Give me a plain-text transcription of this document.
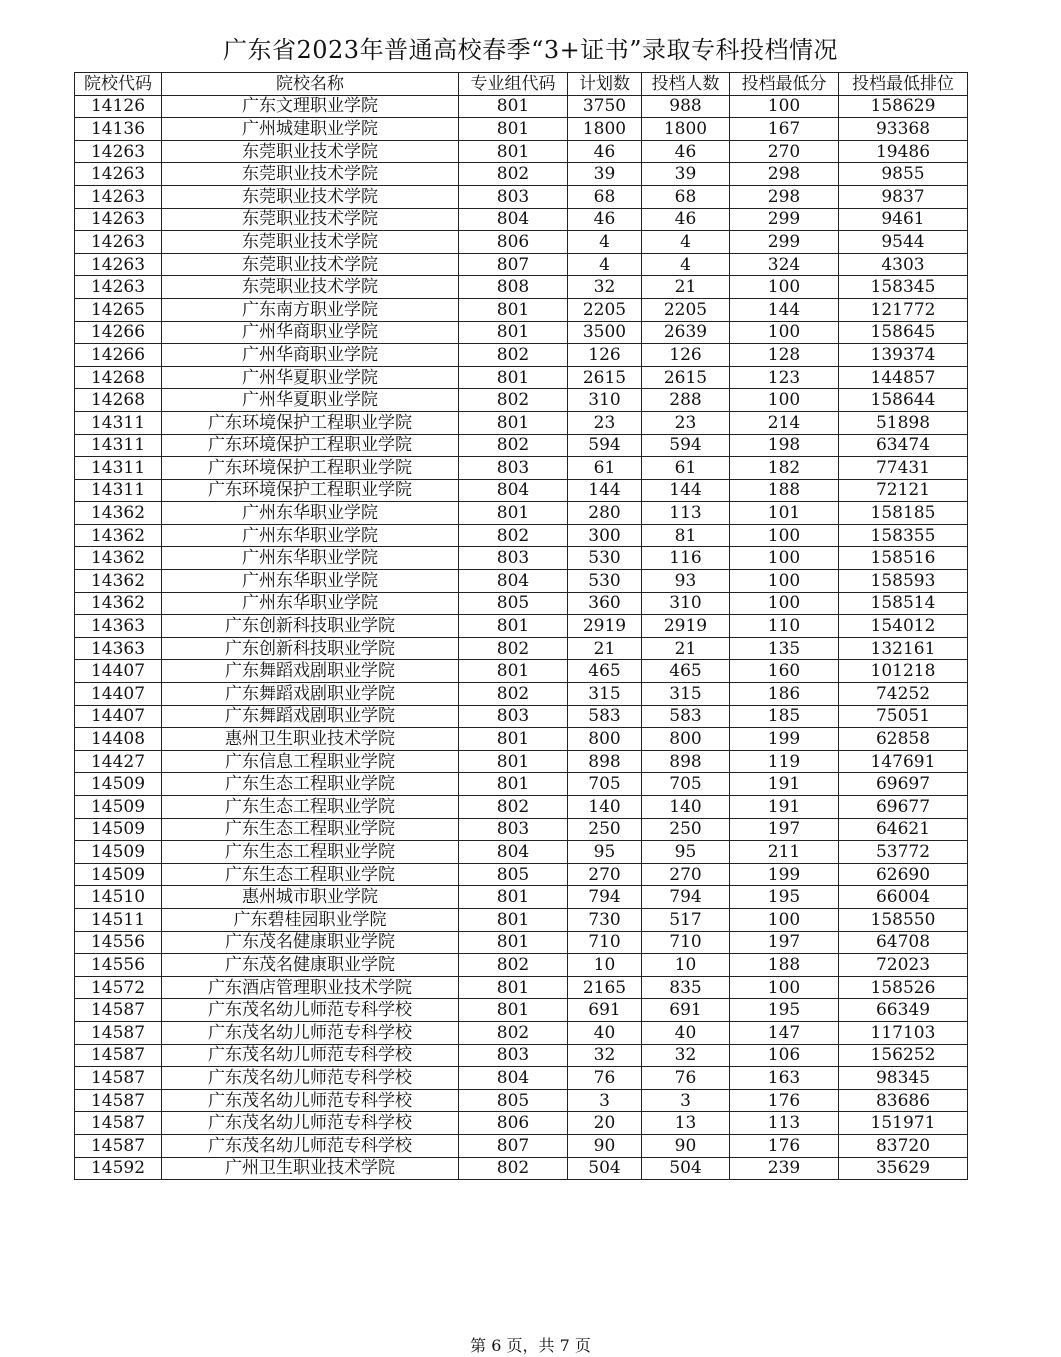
广东省2023年普通高校春季“3+证书”录取专科投档情况
院校代码	院校名称	专业组代码	计划数	投档人数	投档最低分	投档最低排位
14126	广东文理职业学院	801	3750	988	100	158629
14136	广州城建职业学院	801	1800	1800	167	93368
14263	东莞职业技术学院	801	46	46	270	19486
14263	东莞职业技术学院	802	39	39	298	9855
14263	东莞职业技术学院	803	68	68	298	9837
14263	东莞职业技术学院	804	46	46	299	9461
14263	东莞职业技术学院	806	4	4	299	9544
14263	东莞职业技术学院	807	4	4	324	4303
14263	东莞职业技术学院	808	32	21	100	158345
14265	广东南方职业学院	801	2205	2205	144	121772
14266	广州华商职业学院	801	3500	2639	100	158645
14266	广州华商职业学院	802	126	126	128	139374
14268	广州华夏职业学院	801	2615	2615	123	144857
14268	广州华夏职业学院	802	310	288	100	158644
14311	广东环境保护工程职业学院	801	23	23	214	51898
14311	广东环境保护工程职业学院	802	594	594	198	63474
14311	广东环境保护工程职业学院	803	61	61	182	77431
14311	广东环境保护工程职业学院	804	144	144	188	72121
14362	广州东华职业学院	801	280	113	101	158185
14362	广州东华职业学院	802	300	81	100	158355
14362	广州东华职业学院	803	530	116	100	158516
14362	广州东华职业学院	804	530	93	100	158593
14362	广州东华职业学院	805	360	310	100	158514
14363	广东创新科技职业学院	801	2919	2919	110	154012
14363	广东创新科技职业学院	802	21	21	135	132161
14407	广东舞蹈戏剧职业学院	801	465	465	160	101218
14407	广东舞蹈戏剧职业学院	802	315	315	186	74252
14407	广东舞蹈戏剧职业学院	803	583	583	185	75051
14408	惠州卫生职业技术学院	801	800	800	199	62858
14427	广东信息工程职业学院	801	898	898	119	147691
14509	广东生态工程职业学院	801	705	705	191	69697
14509	广东生态工程职业学院	802	140	140	191	69677
14509	广东生态工程职业学院	803	250	250	197	64621
14509	广东生态工程职业学院	804	95	95	211	53772
14509	广东生态工程职业学院	805	270	270	199	62690
14510	惠州城市职业学院	801	794	794	195	66004
14511	广东碧桂园职业学院	801	730	517	100	158550
14556	广东茂名健康职业学院	801	710	710	197	64708
14556	广东茂名健康职业学院	802	10	10	188	72023
14572	广东酒店管理职业技术学院	801	2165	835	100	158526
14587	广东茂名幼儿师范专科学校	801	691	691	195	66349
14587	广东茂名幼儿师范专科学校	802	40	40	147	117103
14587	广东茂名幼儿师范专科学校	803	32	32	106	156252
14587	广东茂名幼儿师范专科学校	804	76	76	163	98345
14587	广东茂名幼儿师范专科学校	805	3	3	176	83686
14587	广东茂名幼儿师范专科学校	806	20	13	113	151971
14587	广东茂名幼儿师范专科学校	807	90	90	176	83720
14592	广州卫生职业技术学院	802	504	504	239	35629
第 6 页，共 7 页
